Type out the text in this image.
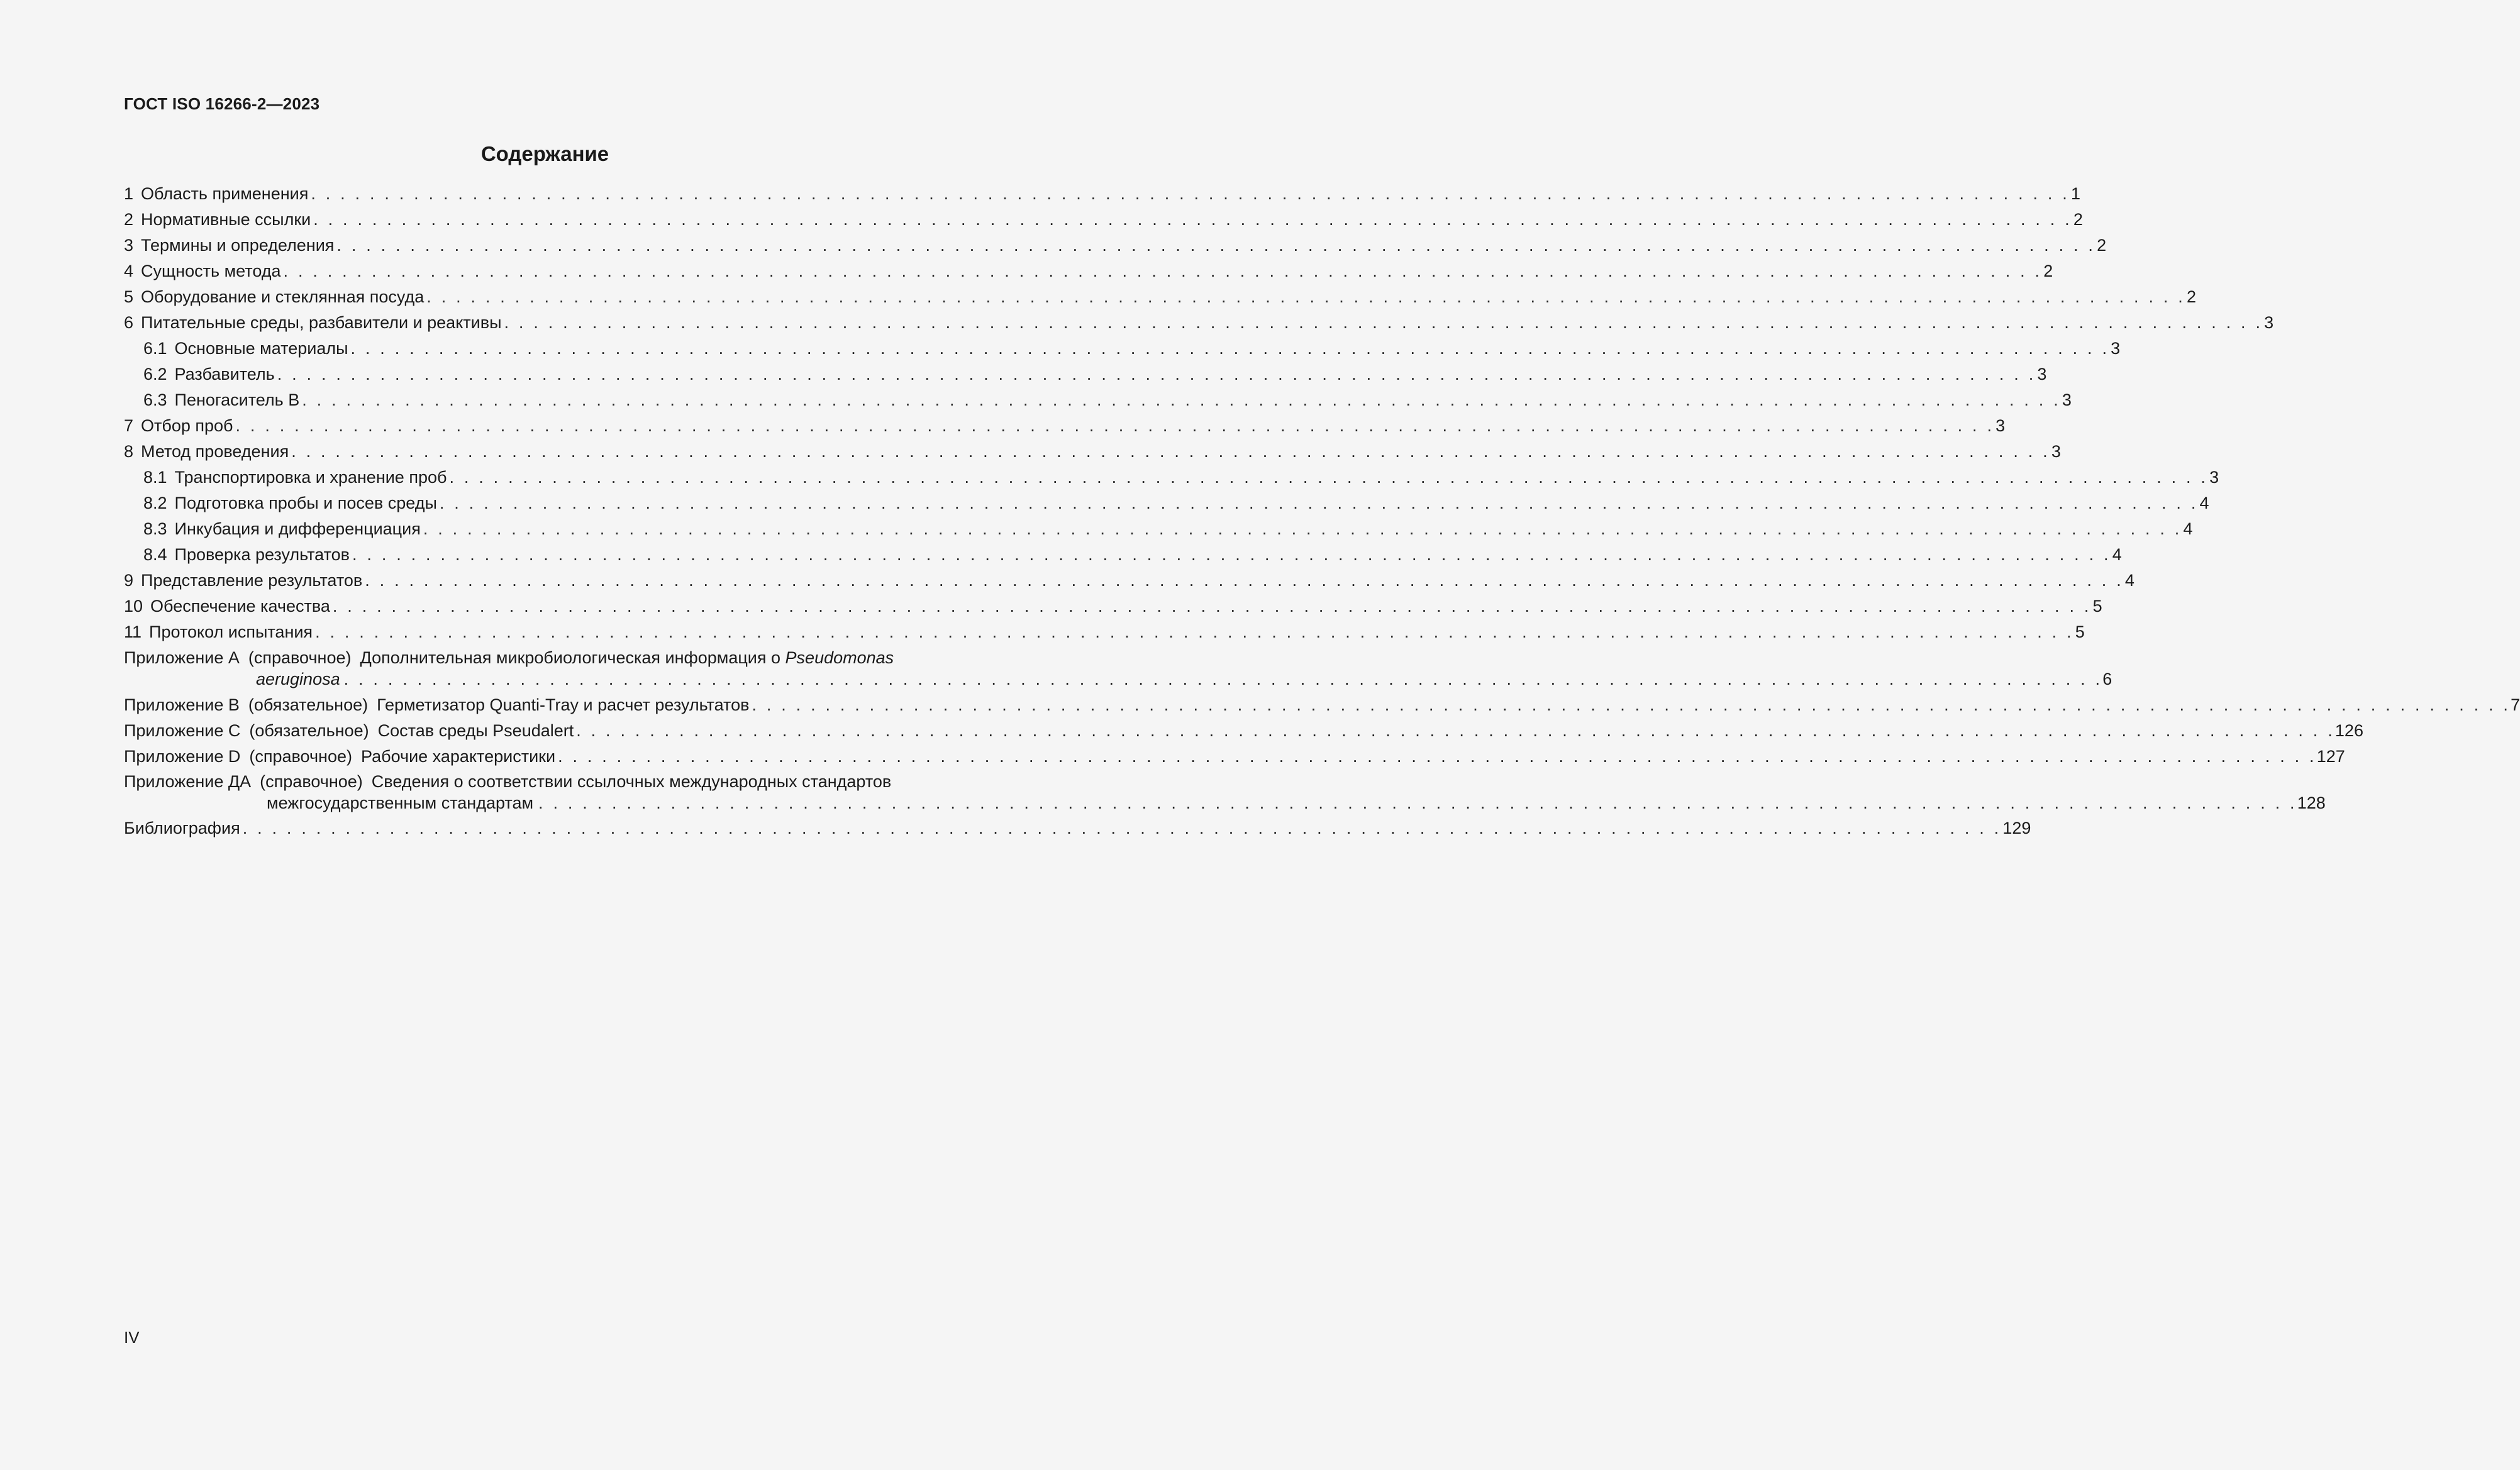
ГОСТ ISO 16266-2—2023
Содержание
1 Область применения . . . . . . . . . . . . . . . . . . . . . . . . . . . . . . . . . . . . . . . . . . . . . . . . . . . . . . . . . . . . . . . . . . . . . . . . . . . . . . . . . . . . . . . . . . . . . . . . . . . . . . . . . . . . . . . . . . . . . . . . 1
2 Нормативные ссылки . . . . . . . . . . . . . . . . . . . . . . . . . . . . . . . . . . . . . . . . . . . . . . . . . . . . . . . . . . . . . . . . . . . . . . . . . . . . . . . . . . . . . . . . . . . . . . . . . . . . . . . . . . . . . . . . . . . . . . . . 2
3 Термины и определения . . . . . . . . . . . . . . . . . . . . . . . . . . . . . . . . . . . . . . . . . . . . . . . . . . . . . . . . . . . . . . . . . . . . . . . . . . . . . . . . . . . . . . . . . . . . . . . . . . . . . . . . . . . . . . . . . . . . . . . . 2
4 Сущность метода . . . . . . . . . . . . . . . . . . . . . . . . . . . . . . . . . . . . . . . . . . . . . . . . . . . . . . . . . . . . . . . . . . . . . . . . . . . . . . . . . . . . . . . . . . . . . . . . . . . . . . . . . . . . . . . . . . . . . . . . 2
5 Оборудование и стеклянная посуда . . . . . . . . . . . . . . . . . . . . . . . . . . . . . . . . . . . . . . . . . . . . . . . . . . . . . . . . . . . . . . . . . . . . . . . . . . . . . . . . . . . . . . . . . . . . . . . . . . . . . . . . . . . . . . . . . . . . . . . . 2
6 Питательные среды, разбавители и реактивы . . . . . . . . . . . . . . . . . . . . . . . . . . . . . . . . . . . . . . . . . . . . . . . . . . . . . . . . . . . . . . . . . . . . . . . . . . . . . . . . . . . . . . . . . . . . . . . . . . . . . . . . . . . . . . . . . . . . . . . . 3
6.1 Основные материалы . . . . . . . . . . . . . . . . . . . . . . . . . . . . . . . . . . . . . . . . . . . . . . . . . . . . . . . . . . . . . . . . . . . . . . . . . . . . . . . . . . . . . . . . . . . . . . . . . . . . . . . . . . . . . . . . . . . . . . . . 3
6.2 Разбавитель . . . . . . . . . . . . . . . . . . . . . . . . . . . . . . . . . . . . . . . . . . . . . . . . . . . . . . . . . . . . . . . . . . . . . . . . . . . . . . . . . . . . . . . . . . . . . . . . . . . . . . . . . . . . . . . . . . . . . . . . 3
6.3 Пеногаситель В . . . . . . . . . . . . . . . . . . . . . . . . . . . . . . . . . . . . . . . . . . . . . . . . . . . . . . . . . . . . . . . . . . . . . . . . . . . . . . . . . . . . . . . . . . . . . . . . . . . . . . . . . . . . . . . . . . . . . . . . 3
7 Отбор проб . . . . . . . . . . . . . . . . . . . . . . . . . . . . . . . . . . . . . . . . . . . . . . . . . . . . . . . . . . . . . . . . . . . . . . . . . . . . . . . . . . . . . . . . . . . . . . . . . . . . . . . . . . . . . . . . . . . . . . . . 3
8 Метод проведения . . . . . . . . . . . . . . . . . . . . . . . . . . . . . . . . . . . . . . . . . . . . . . . . . . . . . . . . . . . . . . . . . . . . . . . . . . . . . . . . . . . . . . . . . . . . . . . . . . . . . . . . . . . . . . . . . . . . . . . . 3
8.1 Транспортировка и хранение проб . . . . . . . . . . . . . . . . . . . . . . . . . . . . . . . . . . . . . . . . . . . . . . . . . . . . . . . . . . . . . . . . . . . . . . . . . . . . . . . . . . . . . . . . . . . . . . . . . . . . . . . . . . . . . . . . . . . . . . . . 3
8.2 Подготовка пробы и посев среды . . . . . . . . . . . . . . . . . . . . . . . . . . . . . . . . . . . . . . . . . . . . . . . . . . . . . . . . . . . . . . . . . . . . . . . . . . . . . . . . . . . . . . . . . . . . . . . . . . . . . . . . . . . . . . . . . . . . . . . . 4
8.3 Инкубация и дифференциация . . . . . . . . . . . . . . . . . . . . . . . . . . . . . . . . . . . . . . . . . . . . . . . . . . . . . . . . . . . . . . . . . . . . . . . . . . . . . . . . . . . . . . . . . . . . . . . . . . . . . . . . . . . . . . . . . . . . . . . . 4
8.4 Проверка результатов . . . . . . . . . . . . . . . . . . . . . . . . . . . . . . . . . . . . . . . . . . . . . . . . . . . . . . . . . . . . . . . . . . . . . . . . . . . . . . . . . . . . . . . . . . . . . . . . . . . . . . . . . . . . . . . . . . . . . . . . 4
9 Представление результатов . . . . . . . . . . . . . . . . . . . . . . . . . . . . . . . . . . . . . . . . . . . . . . . . . . . . . . . . . . . . . . . . . . . . . . . . . . . . . . . . . . . . . . . . . . . . . . . . . . . . . . . . . . . . . . . . . . . . . . . . 4
10 Обеспечение качества . . . . . . . . . . . . . . . . . . . . . . . . . . . . . . . . . . . . . . . . . . . . . . . . . . . . . . . . . . . . . . . . . . . . . . . . . . . . . . . . . . . . . . . . . . . . . . . . . . . . . . . . . . . . . . . . . . . . . . . . 5
11 Протокол испытания . . . . . . . . . . . . . . . . . . . . . . . . . . . . . . . . . . . . . . . . . . . . . . . . . . . . . . . . . . . . . . . . . . . . . . . . . . . . . . . . . . . . . . . . . . . . . . . . . . . . . . . . . . . . . . . . . . . . . . . . 5
Приложение А (справочное) Дополнительная микробиологическая информация о Pseudomonas
aeruginosa . . . . . . . . . . . . . . . . . . . . . . . . . . . . . . . . . . . . . . . . . . . . . . . . . . . . . . . . . . . . . . . . . . . . . . . . . . . . . . . . . . . . . . . . . . . . . . . . . . . . . . . . . . . . . . . . . . . . . . . . 6
Приложение В (обязательное) Герметизатор Quanti-Tray и расчет результатов . . . . . . . . . . . . . . . . . . . . . . . . . . . . . . . . . . . . . . . . . . . . . . . . . . . . . . . . . . . . . . . . . . . . . . . . . . . . . . . . . . . . . . . . . . . . . . . . . . . . . . . . . . . . . . . . . . . . . . . . 7
Приложение С (обязательное) Состав среды Pseudalert . . . . . . . . . . . . . . . . . . . . . . . . . . . . . . . . . . . . . . . . . . . . . . . . . . . . . . . . . . . . . . . . . . . . . . . . . . . . . . . . . . . . . . . . . . . . . . . . . . . . . . . . . . . . . . . . . . . . . . . . 126
Приложение D (справочное) Рабочие характеристики . . . . . . . . . . . . . . . . . . . . . . . . . . . . . . . . . . . . . . . . . . . . . . . . . . . . . . . . . . . . . . . . . . . . . . . . . . . . . . . . . . . . . . . . . . . . . . . . . . . . . . . . . . . . . . . . . . . . . . . . 127
Приложение ДА (справочное) Сведения о соответствии ссылочных международных стандартов
межгосударственным стандартам . . . . . . . . . . . . . . . . . . . . . . . . . . . . . . . . . . . . . . . . . . . . . . . . . . . . . . . . . . . . . . . . . . . . . . . . . . . . . . . . . . . . . . . . . . . . . . . . . . . . . . . . . . . . . . . . . . . . . . . . 128
Библиография . . . . . . . . . . . . . . . . . . . . . . . . . . . . . . . . . . . . . . . . . . . . . . . . . . . . . . . . . . . . . . . . . . . . . . . . . . . . . . . . . . . . . . . . . . . . . . . . . . . . . . . . . . . . . . . . . . . . . . . . 129
IV
